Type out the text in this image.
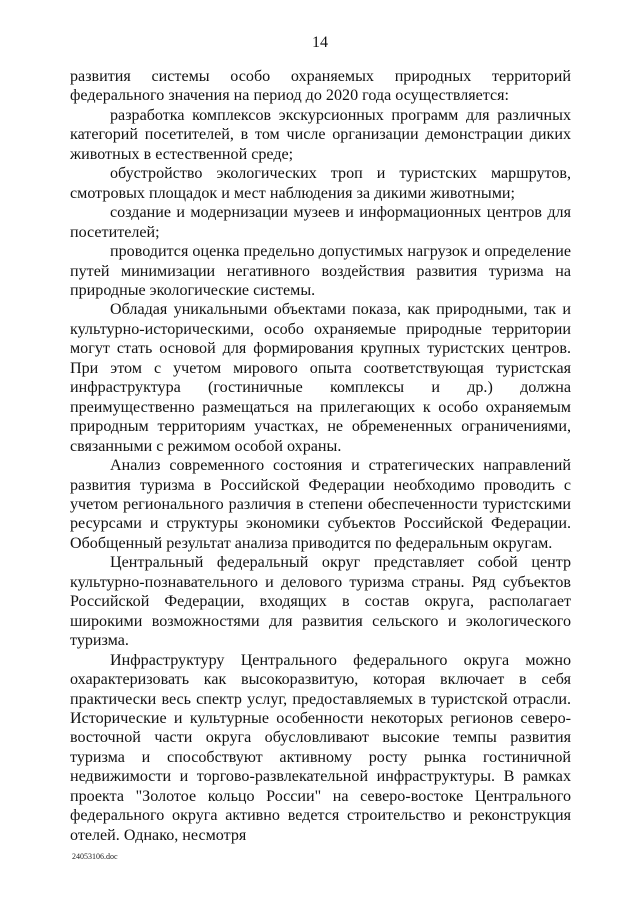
14

развития системы особо охраняемых природных территорий федерального значения на период до 2020 года осуществляется:

разработка комплексов экскурсионных программ для различных категорий посетителей, в том числе организации демонстрации диких животных в естественной среде;

обустройство экологических троп и туристских маршрутов, смотровых площадок и мест наблюдения за дикими животными;

создание и модернизации музеев и информационных центров для посетителей;

проводится оценка предельно допустимых нагрузок и определение путей минимизации негативного воздействия развития туризма на природные экологические системы.

Обладая уникальными объектами показа, как природными, так и культурно-историческими, особо охраняемые природные территории могут стать основой для формирования крупных туристских центров. При этом с учетом мирового опыта соответствующая туристская инфраструктура (гостиничные комплексы и др.) должна преимущественно размещаться на прилегающих к особо охраняемым природным территориям участках, не обремененных ограничениями, связанными с режимом особой охраны.

Анализ современного состояния и стратегических направлений развития туризма в Российской Федерации необходимо проводить с учетом регионального различия в степени обеспеченности туристскими ресурсами и структуры экономики субъектов Российской Федерации. Обобщенный результат анализа приводится по федеральным округам.

Центральный федеральный округ представляет собой центр культурно-познавательного и делового туризма страны. Ряд субъектов Российской Федерации, входящих в состав округа, располагает широкими возможностями для развития сельского и экологического туризма.

Инфраструктуру Центрального федерального округа можно охарактеризовать как высокоразвитую, которая включает в себя практически весь спектр услуг, предоставляемых в туристской отрасли. Исторические и культурные особенности некоторых регионов северо-восточной части округа обусловливают высокие темпы развития туризма и способствуют активному росту рынка гостиничной недвижимости и торгово-развлекательной инфраструктуры. В рамках проекта "Золотое кольцо России" на северо-востоке Центрального федерального округа активно ведется строительство и реконструкция отелей. Однако, несмотря

24053106.doc
